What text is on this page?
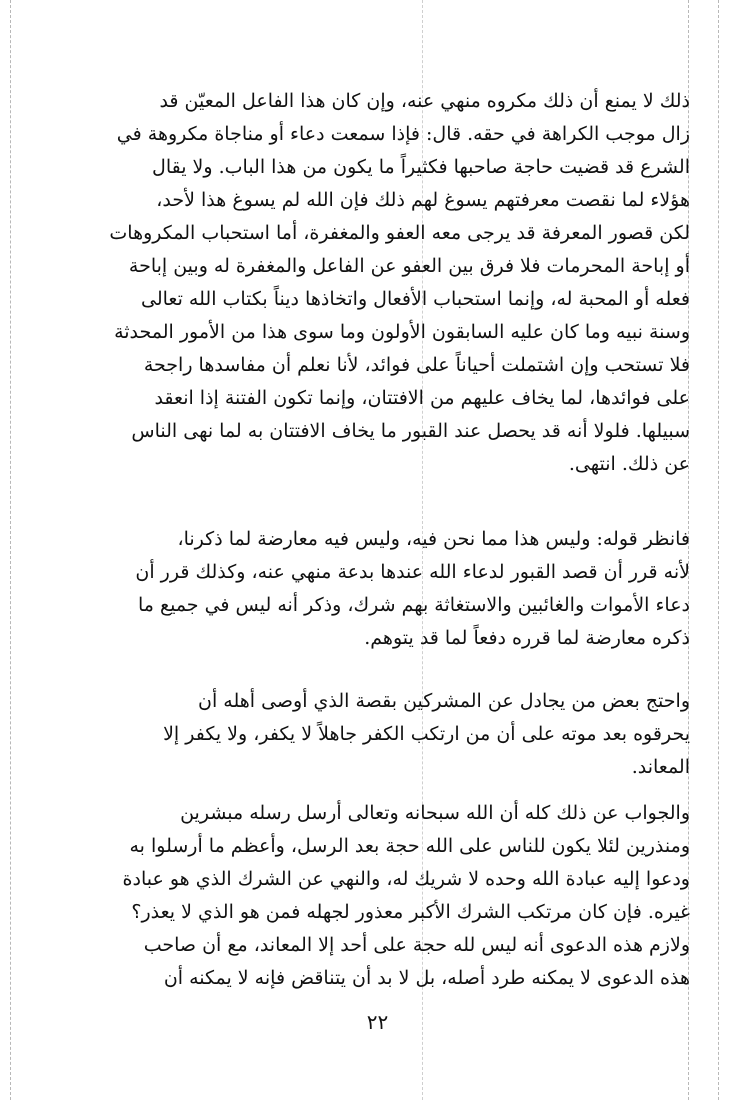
ذلك لا يمنع أن ذلك مكروه منهي عنه، وإن كان هذا الفاعل المعيّن قد
زال موجب الكراهة في حقه. قال: فإذا سمعت دعاء أو مناجاة مكروهة في
الشرع قد قضيت حاجة صاحبها فكثيراً ما يكون من هذا الباب. ولا يقال
هؤلاء لما نقصت معرفتهم يسوغ لهم ذلك فإن الله لم يسوغ هذا لأحد،
لكن قصور المعرفة قد يرجى معه العفو والمغفرة، أما استحباب المكروهات
أو إباحة المحرمات فلا فرق بين العفو عن الفاعل والمغفرة له وبين إباحة
فعله أو المحبة له، وإنما استحباب الأفعال واتخاذها ديناً بكتاب الله تعالى
وسنة نبيه وما كان عليه السابقون الأولون وما سوى هذا من الأمور المحدثة
فلا تستحب وإن اشتملت أحياناً على فوائد، لأنا نعلم أن مفاسدها راجحة
على فوائدها، لما يخاف عليهم من الافتتان، وإنما تكون الفتنة إذا انعقد
سبيلها. فلولا أنه قد يحصل عند القبور ما يخاف الافتتان به لما نهى الناس
عن ذلك. انتهى.
فانظر قوله: وليس هذا مما نحن فيه، وليس فيه معارضة لما ذكرنا،
لأنه قرر أن قصد القبور لدعاء الله عندها بدعة منهي عنه، وكذلك قرر أن
دعاء الأموات والغائبين والاستغاثة بهم شرك، وذكر أنه ليس في جميع ما
ذكره معارضة لما قرره دفعاً لما قد يتوهم.
واحتج بعض من يجادل عن المشركين بقصة الذي أوصى أهله أن
يحرقوه بعد موته على أن من ارتكب الكفر جاهلاً لا يكفر، ولا يكفر إلا
المعاند.
والجواب عن ذلك كله أن الله سبحانه وتعالى أرسل رسله مبشرين
ومنذرين لئلا يكون للناس على الله حجة بعد الرسل، وأعظم ما أرسلوا به
ودعوا إليه عبادة الله وحده لا شريك له، والنهي عن الشرك الذي هو عبادة
غيره. فإن كان مرتكب الشرك الأكبر معذور لجهله فمن هو الذي لا يعذر؟
ولازم هذه الدعوى أنه ليس لله حجة على أحد إلا المعاند، مع أن صاحب
هذه الدعوى لا يمكنه طرد أصله، بل لا بد أن يتناقض فإنه لا يمكنه أن
٢٢
